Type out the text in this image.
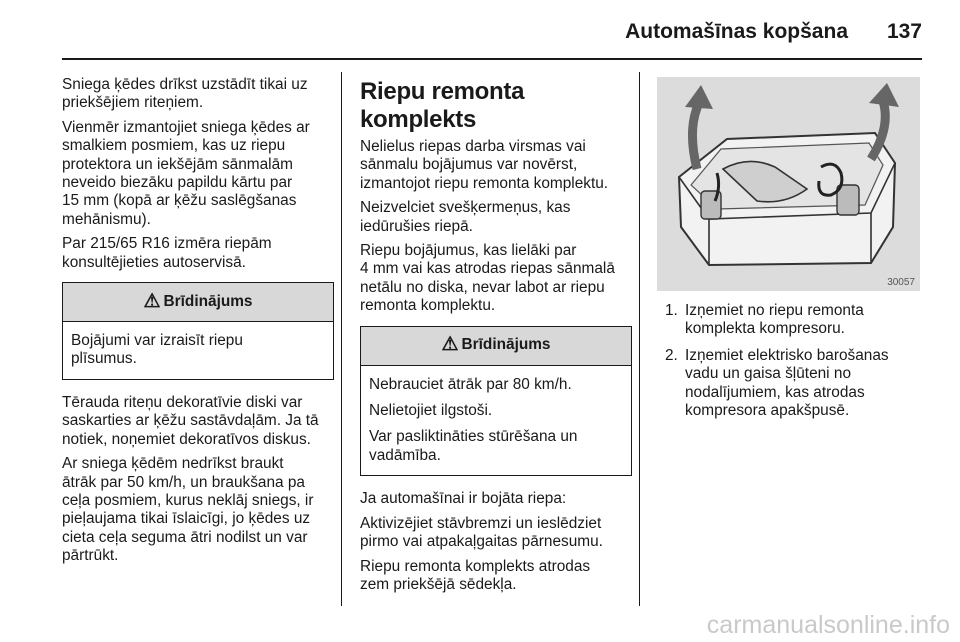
Automašīnas kopšana 137

Sniega ķēdes drīkst uzstādīt tikai uz
priekšējiem riteņiem.

Vienmēr izmantojiet sniega ķēdes ar
smalkiem posmiem, kas uz riepu
protektora un iekšējām sānmalām
neveido biezāku papildu kārtu par
15 mm (kopā ar ķēžu saslēgšanas
mehānismu).

Par 215/65 R16 izmēra riepām
konsultējieties autoservisā.

⚠ Brīdinājums

Bojājumi var izraisīt riepu
plīsumus.

Tērauda riteņu dekoratīvie diski var
saskarties ar ķēžu sastāvdaļām. Ja tā
notiek, noņemiet dekoratīvos diskus.

Ar sniega ķēdēm nedrīkst braukt
ātrāk par 50 km/h, un braukšana pa
ceļa posmiem, kurus neklāj sniegs, ir
pieļaujama tikai īslaicīgi, jo ķēdes uz
cieta ceļa seguma ātri nodilst un var
pārtrūkt.

Riepu remonta komplekts

Nelielus riepas darba virsmas vai
sānmalu bojājumus var novērst,
izmantojot riepu remonta komplektu.

Neizvelciet svešķermeņus, kas
iedūrušies riepā.

Riepu bojājumus, kas lielāki par
4 mm vai kas atrodas riepas sānmalā
netālu no diska, nevar labot ar riepu
remonta komplektu.

⚠ Brīdinājums

Nebrauciet ātrāk par 80 km/h.

Nelietojiet ilgstoši.

Var pasliktināties stūrēšana un
vadāmība.

Ja automašīnai ir bojāta riepa:

Aktivizējiet stāvbremzi un ieslēdziet
pirmo vai atpakaļgaitas pārnesumu.

Riepu remonta komplekts atrodas
zem priekšējā sēdekļa.

30057
1. Izņemiet no riepu remonta
komplekta kompresoru.
2. Izņemiet elektrisko barošanas
vadu un gaisa šļūteni no
nodalījumiem, kas atrodas
kompresora apakšpusē.
carmanualsonline.info
